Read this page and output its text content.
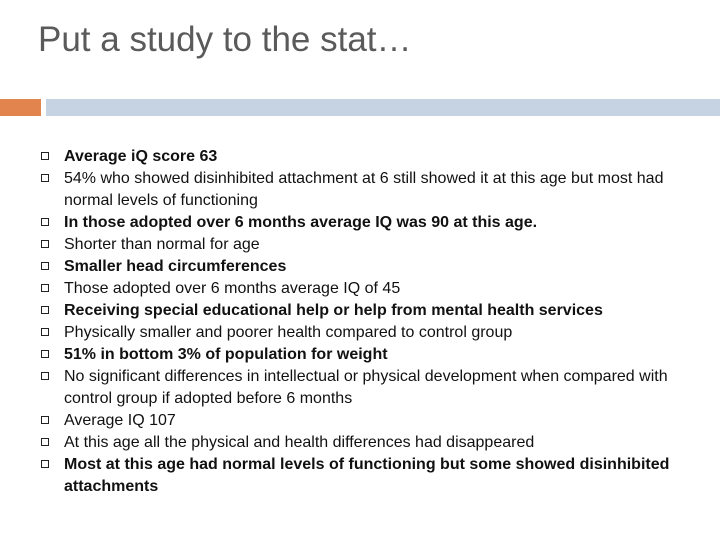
Put a study to the stat…
Average iQ score 63
54% who showed disinhibited attachment at 6 still showed it at this age but most had normal levels of functioning
In those adopted over 6 months average IQ was 90 at this age.
Shorter than normal for age
Smaller head circumferences
Those adopted over 6 months average IQ of 45
Receiving special educational help or help from mental health services
Physically smaller and poorer health compared to control group
51% in bottom 3% of population for weight
No significant differences in intellectual or physical development when compared with control group if adopted before 6 months
Average IQ 107
At this age all the physical and health differences had disappeared
Most at this age had normal levels of functioning but some showed disinhibited attachments
